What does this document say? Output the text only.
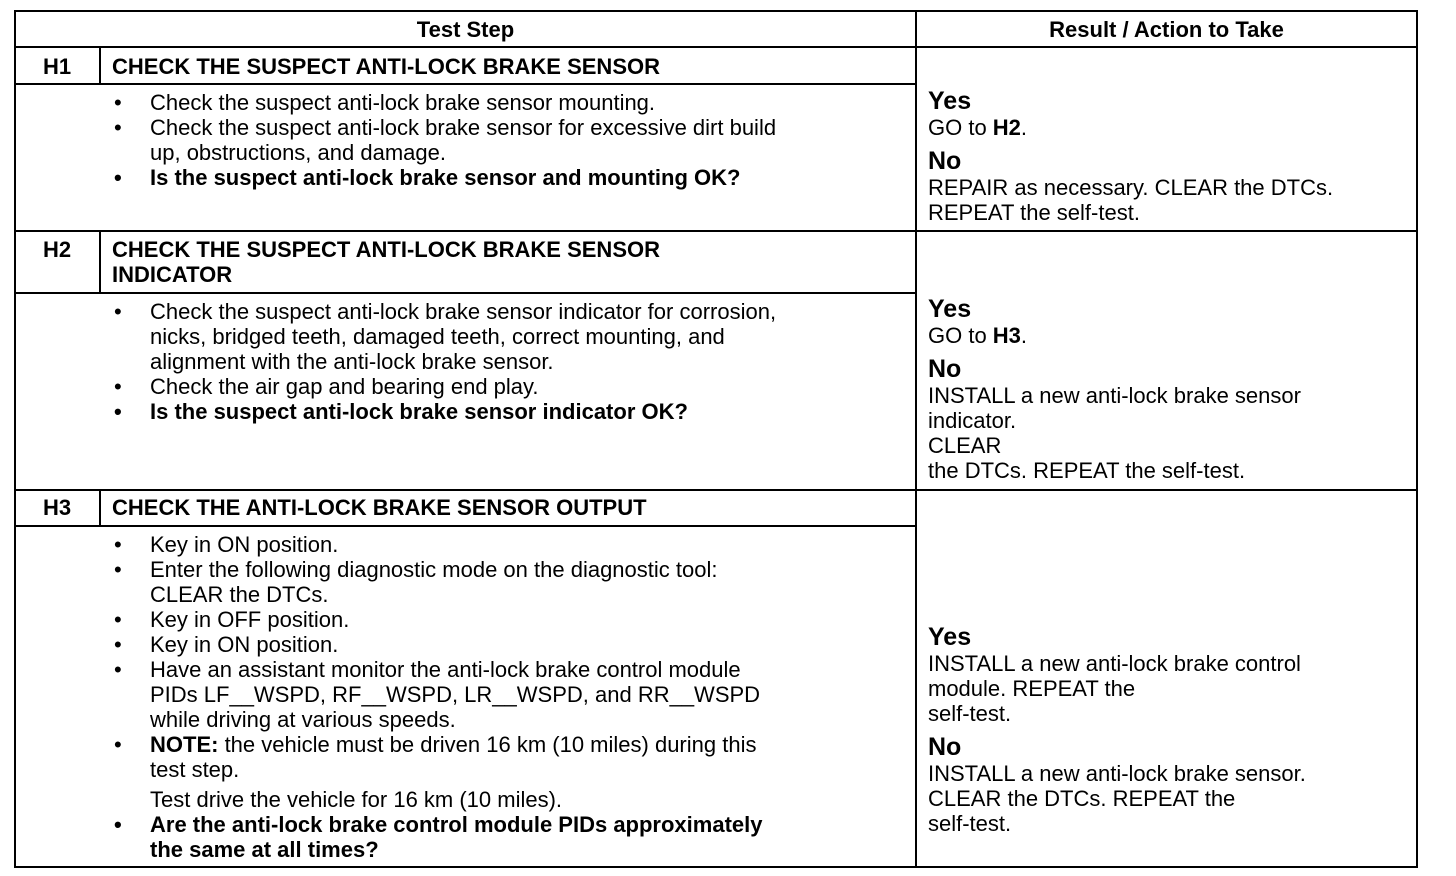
Test Step	Result / Action to Take
H1	CHECK THE SUSPECT ANTI-LOCK BRAKE SENSOR
• Check the suspect anti-lock brake sensor mounting.
• Check the suspect anti-lock brake sensor for excessive dirt build
up, obstructions, and damage.
• Is the suspect anti-lock brake sensor and mounting OK?
Yes
GO to H2.
No
REPAIR as necessary. CLEAR the DTCs.
REPEAT the self-test.
H2	CHECK THE SUSPECT ANTI-LOCK BRAKE SENSOR
INDICATOR
• Check the suspect anti-lock brake sensor indicator for corrosion,
nicks, bridged teeth, damaged teeth, correct mounting, and
alignment with the anti-lock brake sensor.
• Check the air gap and bearing end play.
• Is the suspect anti-lock brake sensor indicator OK?
Yes
GO to H3.
No
INSTALL a new anti-lock brake sensor
indicator.
CLEAR
the DTCs. REPEAT the self-test.
H3	CHECK THE ANTI-LOCK BRAKE SENSOR OUTPUT
• Key in ON position.
• Enter the following diagnostic mode on the diagnostic tool:
CLEAR the DTCs.
• Key in OFF position.
• Key in ON position.
• Have an assistant monitor the anti-lock brake control module
PIDs LF__WSPD, RF__WSPD, LR__WSPD, and RR__WSPD
while driving at various speeds.
• NOTE: the vehicle must be driven 16 km (10 miles) during this
test step.
Test drive the vehicle for 16 km (10 miles).
• Are the anti-lock brake control module PIDs approximately
the same at all times?
Yes
INSTALL a new anti-lock brake control
module. REPEAT the
self-test.
No
INSTALL a new anti-lock brake sensor.
CLEAR the DTCs. REPEAT the
self-test.
